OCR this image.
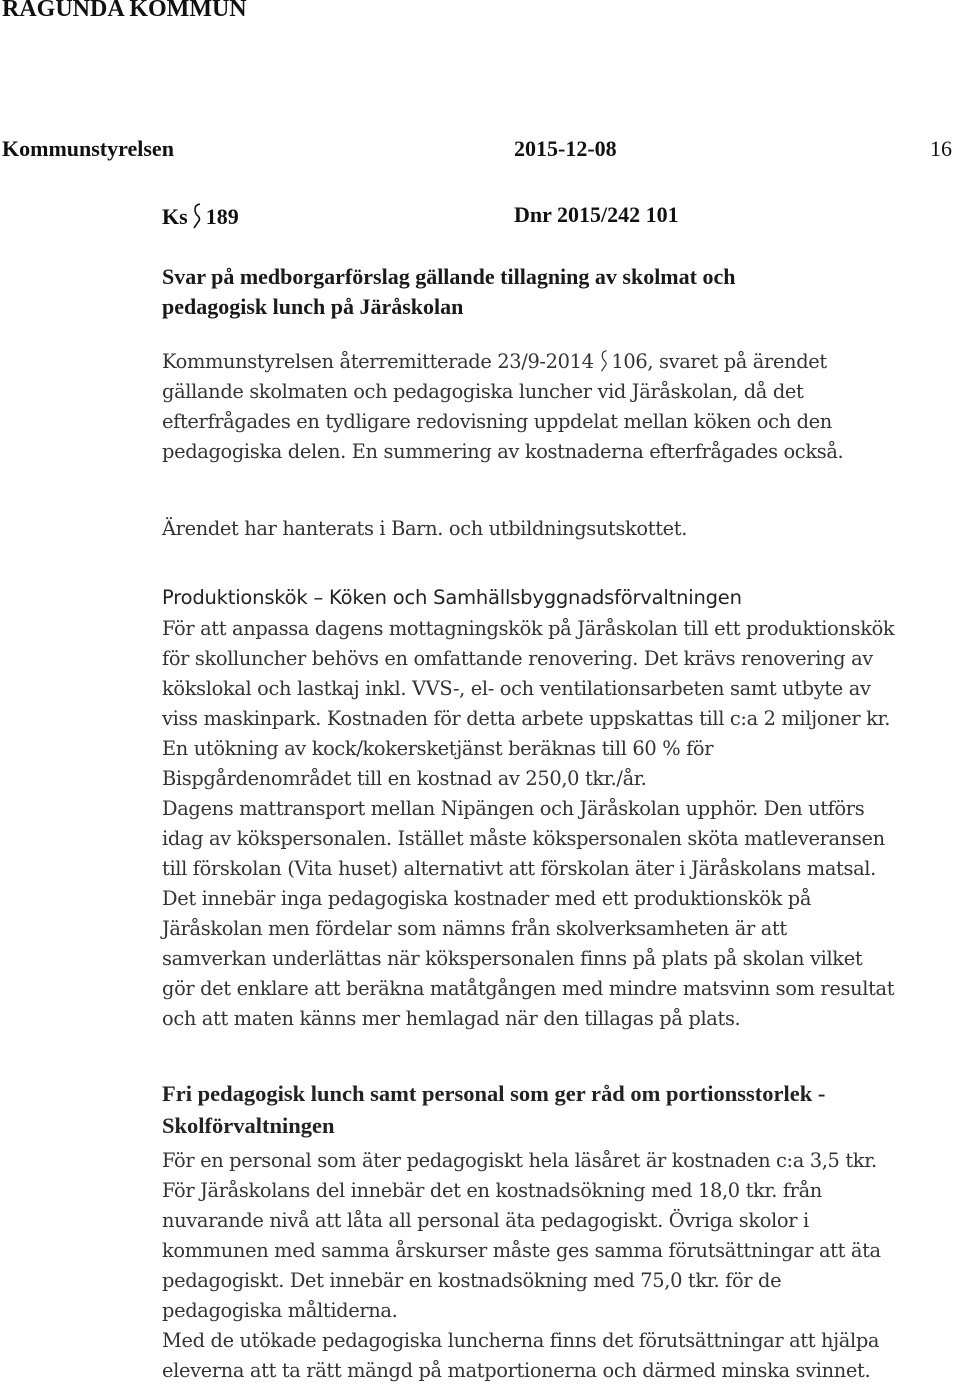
RAGUNDA KOMMUN
Kommunstyrelsen	2015-12-08	16
Ks 189	Dnr 2015/242 101
Svar på medborgarförslag gällande tillagning av skolmat och
pedagogisk lunch på Järåskolan
Kommunstyrelsen återremitterade 23/9-2014 106, svaret på ärendet
gällande skolmaten och pedagogiska luncher vid Järåskolan, då det
efterfrågades en tydligare redovisning uppdelat mellan köken och den
pedagogiska delen. En summering av kostnaderna efterfrågades också.
Ärendet har hanterats i Barn. och utbildningsutskottet.
Produktionskök – Köken och Samhällsbyggnadsförvaltningen
För att anpassa dagens mottagningskök på Järåskolan till ett produktionskök
för skolluncher behövs en omfattande renovering. Det krävs renovering av
kökslokal och lastkaj inkl. VVS-, el- och ventilationsarbeten samt utbyte av
viss maskinpark. Kostnaden för detta arbete uppskattas till c:a 2 miljoner kr.
En utökning av kock/kokersketjänst beräknas till 60 % för
Bispgårdenområdet till en kostnad av 250,0 tkr./år.
Dagens mattransport mellan Nipängen och Järåskolan upphör. Den utförs
idag av kökspersonalen. Istället måste kökspersonalen sköta matleveransen
till förskolan (Vita huset) alternativt att förskolan äter i Järåskolans matsal.
Det innebär inga pedagogiska kostnader med ett produktionskök på
Järåskolan men fördelar som nämns från skolverksamheten är att
samverkan underlättas när kökspersonalen finns på plats på skolan vilket
gör det enklare att beräkna matåtgången med mindre matsvinn som resultat
och att maten känns mer hemlagad när den tillagas på plats.
Fri pedagogisk lunch samt personal som ger råd om portionsstorlek -
Skolförvaltningen
För en personal som äter pedagogiskt hela läsåret är kostnaden c:a 3,5 tkr.
För Järåskolans del innebär det en kostnadsökning med 18,0 tkr. från
nuvarande nivå att låta all personal äta pedagogiskt. Övriga skolor i
kommunen med samma årskurser måste ges samma förutsättningar att äta
pedagogiskt. Det innebär en kostnadsökning med 75,0 tkr. för de
pedagogiska måltiderna.
Med de utökade pedagogiska luncherna finns det förutsättningar att hjälpa
eleverna att ta rätt mängd på matportionerna och därmed minska svinnet.
